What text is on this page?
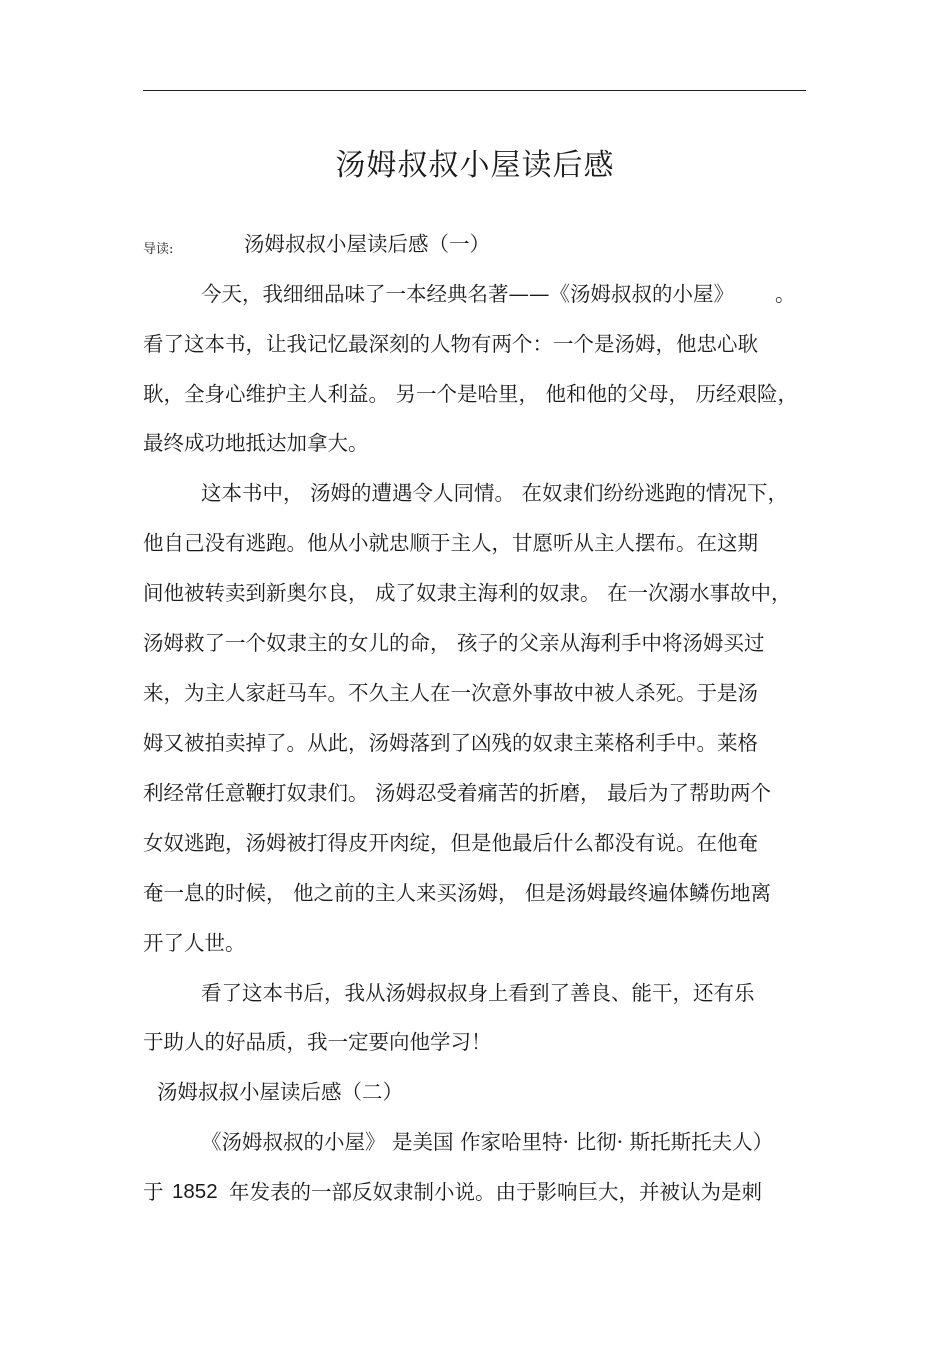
汤姆叔叔小屋读后感
导读:	汤姆叔叔小屋读后感（一）
今天，我细细品味了一本经典名著——《汤姆叔叔的小屋》 。
看了这本书，让我记忆最深刻的人物有两个：一个是汤姆，他忠心耿
耿，全身心维护主人利益。 另一个是哈里， 他和他的父母， 历经艰险，
最终成功地抵达加拿大。
这本书中， 汤姆的遭遇令人同情。 在奴隶们纷纷逃跑的情况下，
他自己没有逃跑。他从小就忠顺于主人，甘愿听从主人摆布。在这期
间他被转卖到新奥尔良， 成了奴隶主海利的奴隶。 在一次溺水事故中，
汤姆救了一个奴隶主的女儿的命， 孩子的父亲从海利手中将汤姆买过
来，为主人家赶马车。不久主人在一次意外事故中被人杀死。于是汤
姆又被拍卖掉了。从此，汤姆落到了凶残的奴隶主莱格利手中。莱格
利经常任意鞭打奴隶们。 汤姆忍受着痛苦的折磨， 最后为了帮助两个
女奴逃跑，汤姆被打得皮开肉绽，但是他最后什么都没有说。在他奄
奄一息的时候， 他之前的主人来买汤姆， 但是汤姆最终遍体鳞伤地离
开了人世。
看了这本书后，我从汤姆叔叔身上看到了善良、能干，还有乐
于助人的好品质，我一定要向他学习！
汤姆叔叔小屋读后感（二）
《汤姆叔叔的小屋》 是美国 作家哈里特· 比彻· 斯托斯托夫人）
于 1852 年发表的一部反奴隶制小说。由于影响巨大，并被认为是刺
